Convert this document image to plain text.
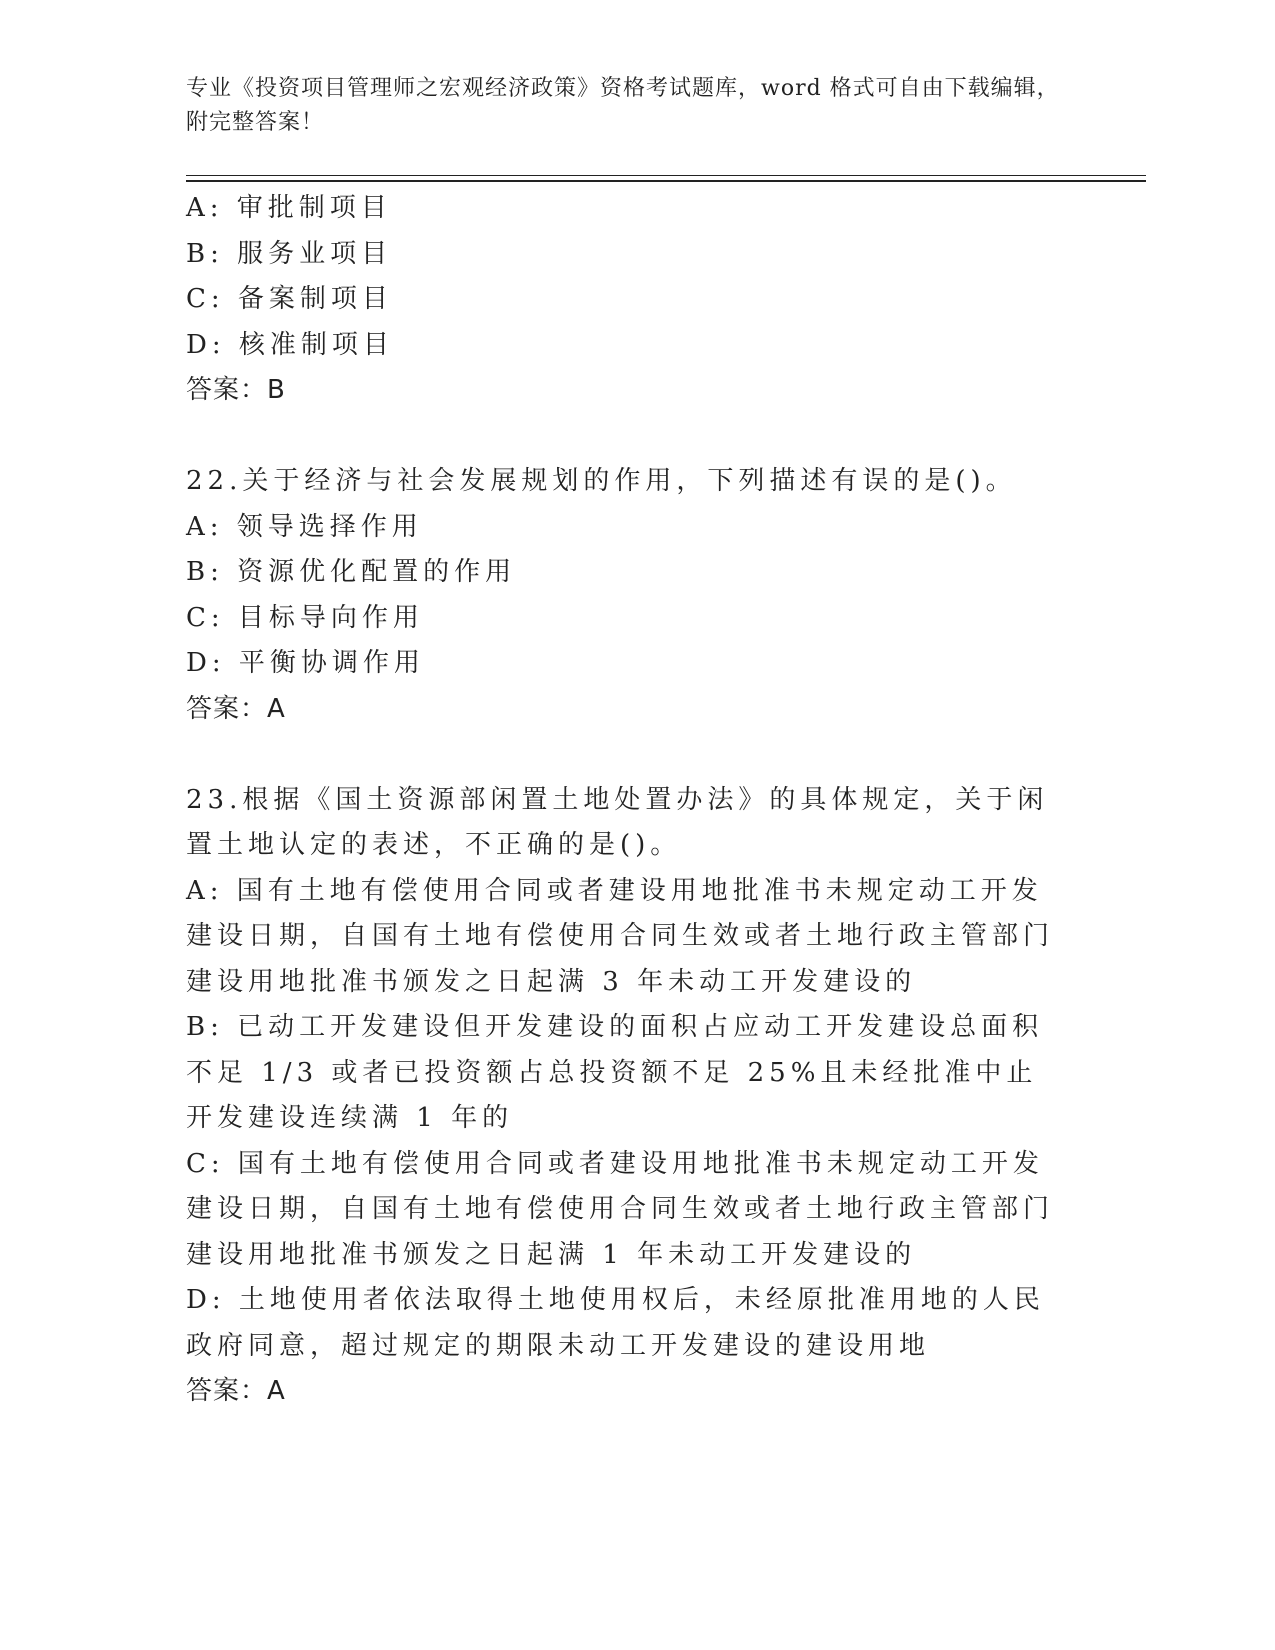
专业《投资项目管理师之宏观经济政策》资格考试题库，word 格式可自由下载编辑，附完整答案！
A: 审批制项目
B: 服务业项目
C: 备案制项目
D: 核准制项目
答案：B
22.关于经济与社会发展规划的作用，下列描述有误的是()。
A: 领导选择作用
B: 资源优化配置的作用
C: 目标导向作用
D: 平衡协调作用
答案：A
23.根据《国土资源部闲置土地处置办法》的具体规定，关于闲置土地认定的表述，不正确的是()。
A: 国有土地有偿使用合同或者建设用地批准书未规定动工开发建设日期，自国有土地有偿使用合同生效或者土地行政主管部门建设用地批准书颁发之日起满 3 年未动工开发建设的
B: 已动工开发建设但开发建设的面积占应动工开发建设总面积不足 1/3 或者已投资额占总投资额不足 25%且未经批准中止开发建设连续满 1 年的
C: 国有土地有偿使用合同或者建设用地批准书未规定动工开发建设日期，自国有土地有偿使用合同生效或者土地行政主管部门建设用地批准书颁发之日起满 1 年未动工开发建设的
D: 土地使用者依法取得土地使用权后，未经原批准用地的人民政府同意，超过规定的期限未动工开发建设的建设用地
答案：A
